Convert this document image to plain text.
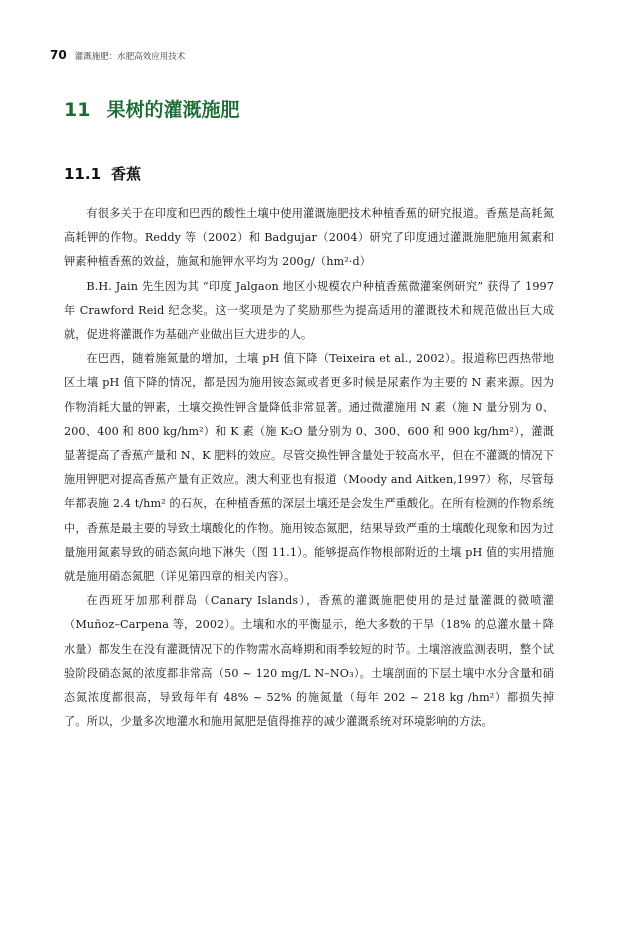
70 灌溉施肥：水肥高效应用技术
11 果树的灌溉施肥
11.1 香蕉

有很多关于在印度和巴西的酸性土壤中使用灌溉施肥技术种植香蕉的研究报道。香蕉是高耗氮高耗钾的作物。Reddy 等（2002）和 Badgujar（2004）研究了印度通过灌溉施肥施用氮素和钾素种植香蕉的效益，施氮和施钾水平均为 200g/（hm²·d）

B.H. Jain 先生因为其 “印度 Jalgaon 地区小规模农户种植香蕉微灌案例研究” 获得了 1997 年 Crawford Reid 纪念奖。这一奖项是为了奖励那些为提高适用的灌溉技术和规范做出巨大成就，促进将灌溉作为基础产业做出巨大进步的人。

在巴西，随着施氮量的增加，土壤 pH 值下降（Teixeira et al., 2002）。报道称巴西热带地区土壤 pH 值下降的情况，都是因为施用铵态氮或者更多时候是尿素作为主要的 N 素来源。因为作物消耗大量的钾素，土壤交换性钾含量降低非常显著。通过微灌施用 N 素（施 N 量分别为 0、200、400 和 800 kg/hm²）和 K 素（施 K₂O 量分别为 0、300、600 和 900 kg/hm²），灌溉显著提高了香蕉产量和 N、K 肥料的效应。尽管交换性钾含量处于较高水平，但在不灌溉的情况下施用钾肥对提高香蕉产量有正效应。澳大利亚也有报道（Moody and Aitken,1997）称，尽管每年都表施 2.4 t/hm² 的石灰，在种植香蕉的深层土壤还是会发生严重酸化。在所有检测的作物系统中，香蕉是最主要的导致土壤酸化的作物。施用铵态氮肥，结果导致严重的土壤酸化现象和因为过量施用氮素导致的硝态氮向地下淋失（图 11.1）。能够提高作物根部附近的土壤 pH 值的实用措施就是施用硝态氮肥（详见第四章的相关内容）。

在西班牙加那利群岛（Canary Islands），香蕉的灌溉施肥使用的是过量灌溉的微喷灌（Muñoz–Carpena 等，2002）。土壤和水的平衡显示，绝大多数的干旱（18% 的总灌水量＋降水量）都发生在没有灌溉情况下的作物需水高峰期和雨季较短的时节。土壤溶液监测表明，整个试验阶段硝态氮的浓度都非常高（50 ~ 120 mg/L N–NO₃）。土壤剖面的下层土壤中水分含量和硝态氮浓度都很高，导致每年有 48% ~ 52% 的施氮量（每年 202 ~ 218 kg /hm²）都损失掉了。所以，少量多次地灌水和施用氮肥是值得推荐的减少灌溉系统对环境影响的方法。
